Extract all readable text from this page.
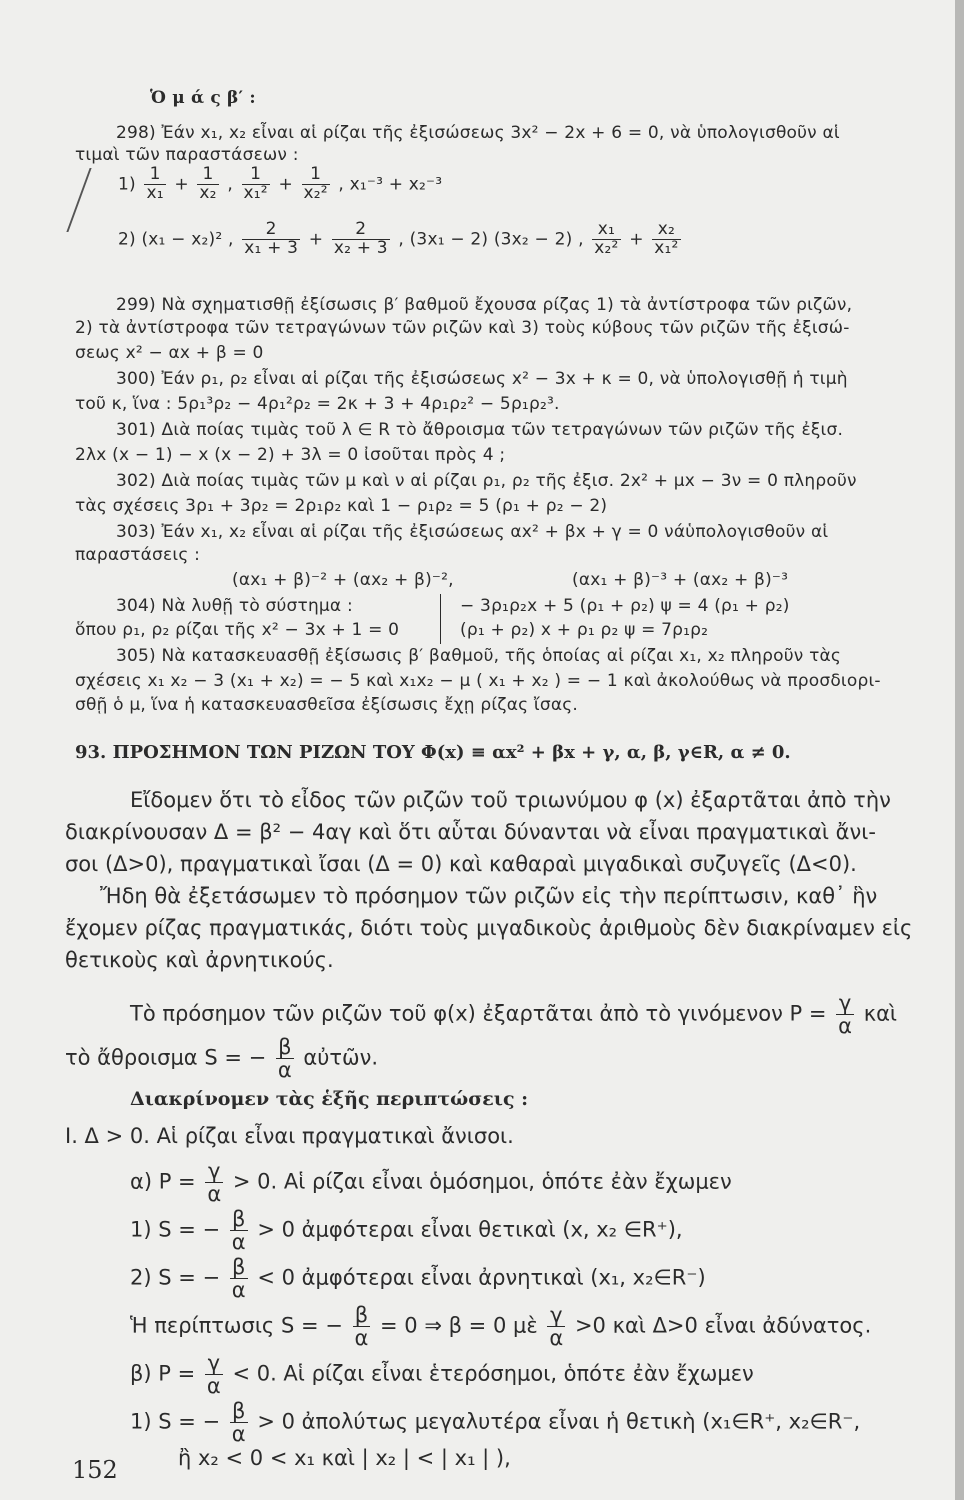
Ὁ μ ά ς β′ :
298) Ἐάν x₁, x₂ εἶναι αἱ ρίζαι τῆς ἐξισώσεως 3x² − 2x + 6 = 0, νὰ ὑπολογισθοῦν αἱ
τιμαὶ τῶν παραστάσεων :
$1) \frac{1}{\text{x₁}} + \frac{1}{\text{x₂}}$ , $\frac{1}{\text{x₁²}} + \frac{1}{\text{x₂²}}$ , x₁⁻³ + x₂⁻³
2) (x₁ − x₂)² , $\frac{2}{\text{x₁ + 3}} + \frac{2}{\text{x₂ + 3}}$ , (3x₁ − 2) (3x₂ − 2) , $\frac{\text{x₁}}{\text{x₂²}} + \frac{\text{x₂}}{\text{x₁²}}$
299) Νὰ σχηματισθῇ ἐξίσωσις β′ βαθμοῦ ἔχουσα ρίζας 1) τὰ ἀντίστροφα τῶν ριζῶν,
2) τὰ ἀντίστροφα τῶν τετραγώνων τῶν ριζῶν καὶ 3) τοὺς κύβους τῶν ριζῶν τῆς ἐξισώ-
σεως x² − αx + β = 0
300) Ἐάν ρ₁, ρ₂ εἶναι αἱ ρίζαι τῆς ἐξισώσεως x² − 3x + κ = 0, νὰ ὑπολογισθῇ ἡ τιμὴ
τοῦ κ, ἵνα : 5ρ₁³ρ₂ − 4ρ₁²ρ₂ = 2κ + 3 + 4ρ₁ρ₂² − 5ρ₁ρ₂³.
301) Διὰ ποίας τιμὰς τοῦ λ ∈ R τὸ ἄθροισμα τῶν τετραγώνων τῶν ριζῶν τῆς ἐξισ.
2λx (x − 1) − x (x − 2) + 3λ = 0 ἰσοῦται πρὸς 4 ;
302) Διὰ ποίας τιμὰς τῶν μ καὶ ν αἱ ρίζαι ρ₁, ρ₂ τῆς ἐξισ. 2x² + μx − 3ν = 0 πληροῦν
τὰς σχέσεις 3ρ₁ + 3ρ₂ = 2ρ₁ρ₂ καὶ 1 − ρ₁ρ₂ = 5 (ρ₁ + ρ₂ − 2)
303) Ἐάν x₁, x₂ εἶναι αἱ ρίζαι τῆς ἐξισώσεως αx² + βx + γ = 0 νάὑπολογισθοῦν αἱ
παραστάσεις :
(αx₁ + β)⁻² + (αx₂ + β)⁻²,	(αx₁ + β)⁻³ + (αx₂ + β)⁻³
304) Νὰ λυθῇ τὸ σύστημα :
ὅπου ρ₁, ρ₂ ρίζαι τῆς x² − 3x + 1 = 0
− 3ρ₁ρ₂x + 5 (ρ₁ + ρ₂) ψ = 4 (ρ₁ + ρ₂)
(ρ₁ + ρ₂) x + ρ₁ ρ₂ ψ = 7ρ₁ρ₂
305) Νὰ κατασκευασθῇ ἐξίσωσις β′ βαθμοῦ, τῆς ὁποίας αἱ ρίζαι x₁, x₂ πληροῦν τὰς
σχέσεις x₁ x₂ − 3 (x₁ + x₂) = − 5 καὶ x₁x₂ − μ ( x₁ + x₂ ) = − 1 καὶ ἀκολούθως νὰ προσδιορι-
σθῇ ὁ μ, ἵνα ἡ κατασκευασθεῖσα ἐξίσωσις ἔχῃ ρίζας ἴσας.
93. ΠΡΟΣΗΜΟΝ ΤΩΝ ΡΙΖΩΝ ΤΟΥ Φ(x) ≡ αx² + βx + γ, α, β, γ∈R, α ≠ 0.
Εἴδομεν ὅτι τὸ εἶδος τῶν ριζῶν τοῦ τριωνύμου φ (x) ἐξαρτᾶται ἀπὸ τὴν
διακρίνουσαν Δ = β² − 4αγ καὶ ὅτι αὗται δύνανται νὰ εἶναι πραγματικαὶ ἄνι-
σοι (Δ>0), πραγματικαὶ ἴσαι (Δ = 0) καὶ καθαραὶ μιγαδικαὶ συζυγεῖς (Δ<0).
Ἤδη θὰ ἐξετάσωμεν τὸ πρόσημον τῶν ριζῶν εἰς τὴν περίπτωσιν, καθ᾽ ἣν
ἔχομεν ρίζας πραγματικάς, διότι τοὺς μιγαδικοὺς ἀριθμοὺς δὲν διακρίναμεν εἰς
θετικοὺς καὶ ἀρνητικούς.
Τὸ πρόσημον τῶν ριζῶν τοῦ φ(x) ἐξαρτᾶται ἀπὸ τὸ γινόμενον $P = \frac{\gamma}{\alpha}$ καὶ
τὸ ἄθροισμα S = − $\frac{\beta}{\alpha}$ αὐτῶν.
Διακρίνομεν τὰς ἑξῆς περιπτώσεις :
I. Δ > 0. Αἱ ρίζαι εἶναι πραγματικαὶ ἄνισοι.
α) $P = \frac{\gamma}{\alpha} > 0$. Αἱ ρίζαι εἶναι ὁμόσημοι, ὁπότε ἐὰν ἔχωμεν
1) S = − $\frac{\beta}{\alpha} > 0$ ἀμφότεραι εἶναι θετικαὶ (x, x₂ ∈R⁺),
2) S = − $\frac{\beta}{\alpha} < 0$ ἀμφότεραι εἶναι ἀρνητικαὶ (x₁, x₂∈R⁻)
Ἡ περίπτωσις S = − $\frac{\beta}{\alpha} = 0$ ⇒ β = 0 μὲ $\frac{\gamma}{\alpha} >0$ καὶ Δ>0 εἶναι ἀδύνατος.
β) $P = \frac{\gamma}{\alpha} < 0$. Αἱ ρίζαι εἶναι ἑτερόσημοι, ὁπότε ἐὰν ἔχωμεν
1) S = − $\frac{\beta}{\alpha} > 0$ ἀπολύτως μεγαλυτέρα εἶναι ἡ θετικὴ (x₁∈R⁺, x₂∈R⁻,
ἢ x₂ < 0 < x₁ καὶ | x₂ | < | x₁ | ),
152
